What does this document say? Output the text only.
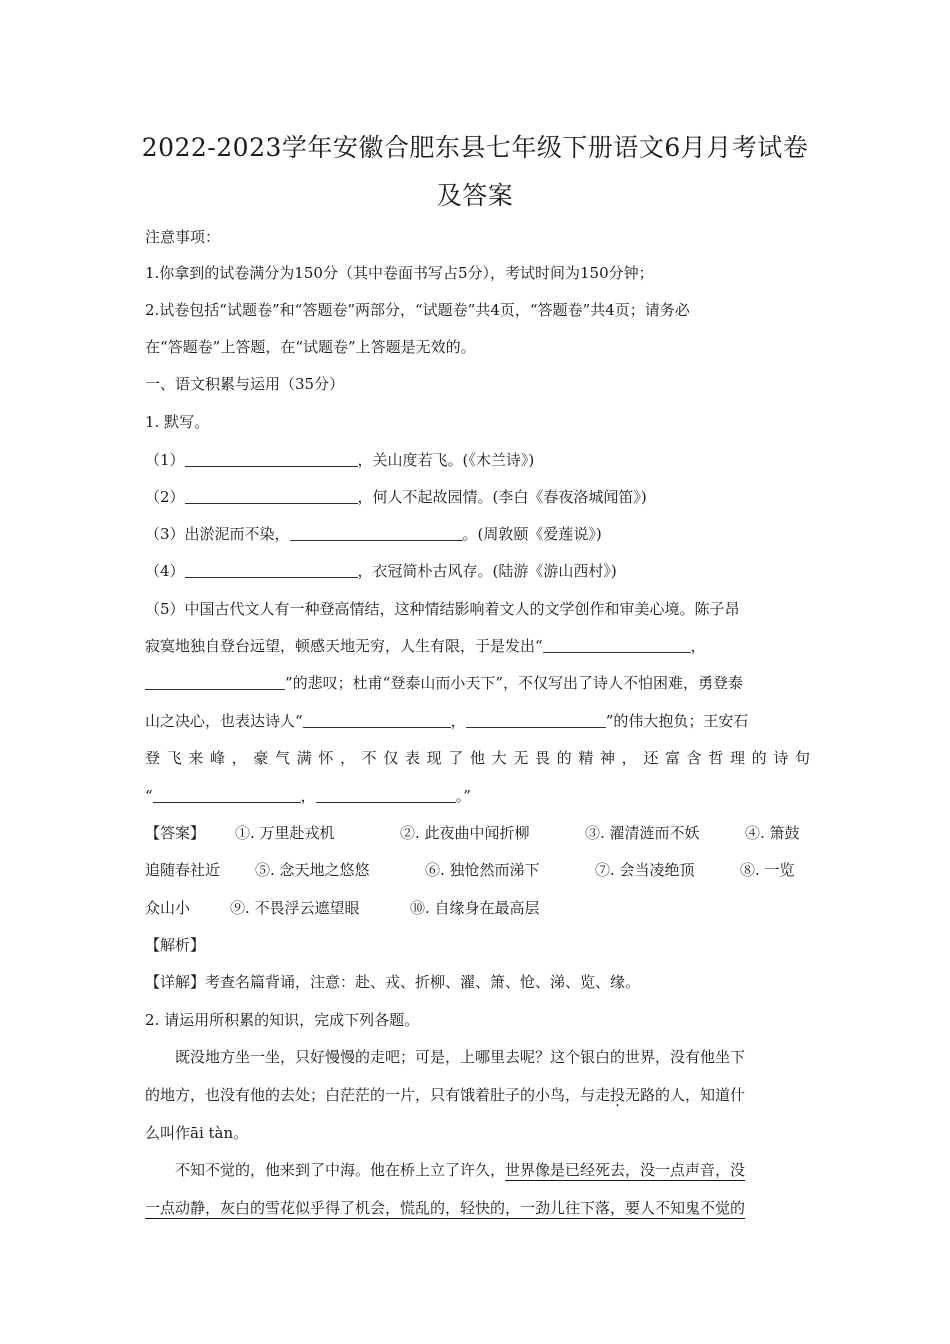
2022-2023学年安徽合肥东县七年级下册语文6月月考试卷
及答案
注意事项：
1.你拿到的试卷满分为150分（其中卷面书写占5分），考试时间为150分钟；
2.试卷包括“试题卷”和“答题卷”两部分，“试题卷”共4页，“答题卷”共4页；请务必
在“答题卷”上答题，在“试题卷”上答题是无效的。
一、语文积累与运用（35分）
1. 默写。
（1）	，关山度若飞。(《木兰诗》)
（2）	，何人不起故园情。(李白《春夜洛城闻笛》)
（3）出淤泥而不染，	。(周敦颐《爱莲说》)
（4）	，衣冠简朴古风存。(陆游《游山西村》)
（5）中国古代文人有一种登高情结，这种情结影响着文人的文学创作和审美心境。陈子昂
寂寞地独自登台远望，顿感天地无穷，人生有限，于是发出“	，
”的悲叹；杜甫“登泰山而小天下”，不仅写出了诗人不怕困难，勇登泰
山之决心，也表达诗人“	，	”的伟大抱负；王安石
登飞来峰，豪气满怀，不仅表现了他大无畏的精神，还富含哲理的诗句
“	，	。”
【答案】 ①. 万里赴戎机	②. 此夜曲中闻折柳	③. 濯清涟而不妖	④. 箫鼓
追随春社近 ⑤. 念天地之悠悠	⑥. 独怆然而涕下	⑦. 会当凌绝顶	⑧. 一览
众山小	⑨. 不畏浮云遮望眼	⑩. 自缘身在最高层
【解析】
【详解】考查名篇背诵，注意：赴、戎、折柳、濯、箫、怆、涕、览、缘。
2. 请运用所积累的知识，完成下列各题。
既没地方坐一坐，只好慢慢的走吧；可是，上哪里去呢？这个银白的世界，没有他坐下
的地方，也没有他的去处；白茫茫的一片，只有饿着肚子的小鸟，与走投无路的人，知道什
么叫作āi tàn。
不知不觉的，他来到了中海。他在桥上立了许久，世界像是已经死去，没一点声音，没
一点动静，灰白的雪花似乎得了机会，慌乱的，轻快的，一劲儿往下落，要人不知鬼不觉的
